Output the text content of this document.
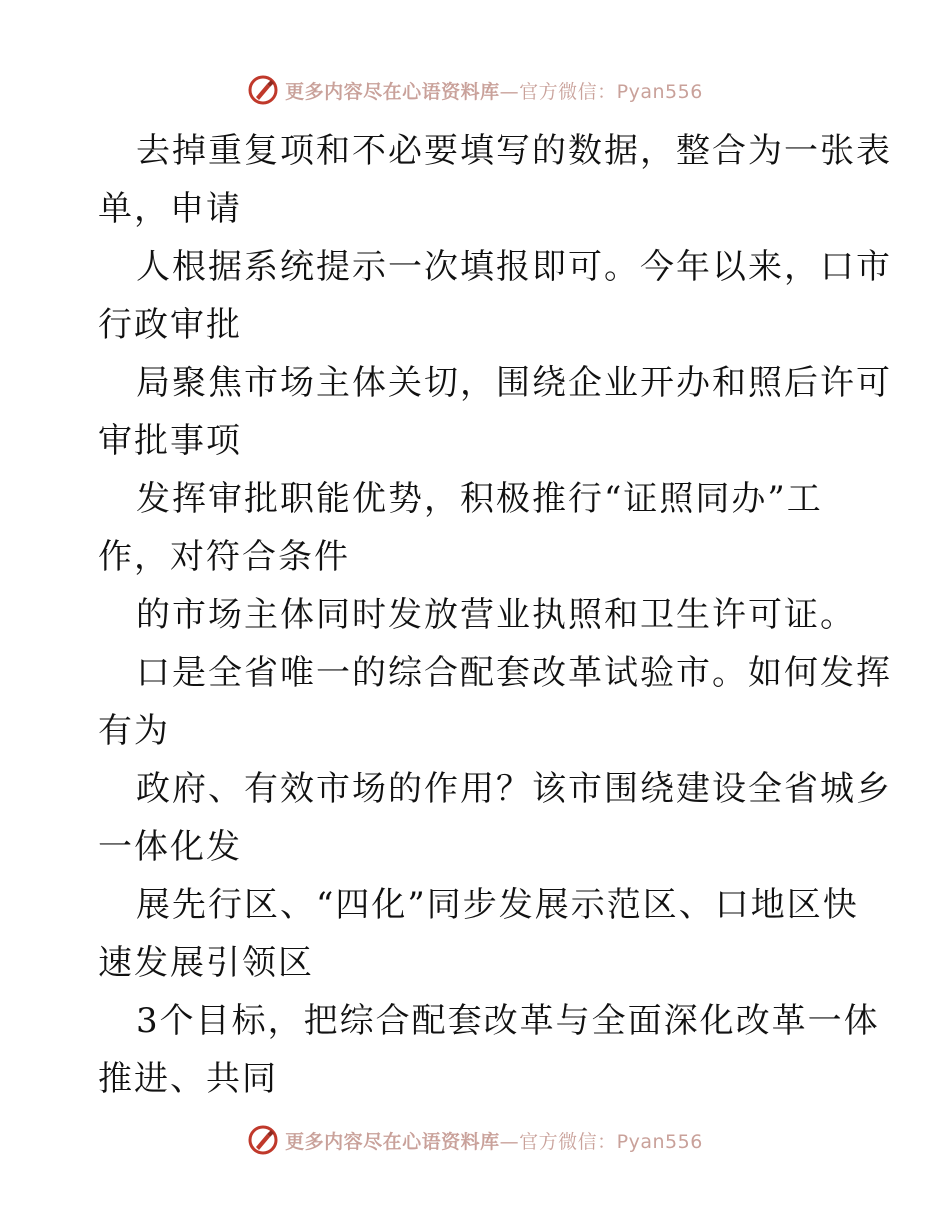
更多内容尽在心语资料库—官方微信：Pyan556
去掉重复项和不必要填写的数据，整合为一张表
单，申请
人根据系统提示一次填报即可。今年以来，口市
行政审批
局聚焦市场主体关切，围绕企业开办和照后许可
审批事项
发挥审批职能优势，积极推行“证照同办”工
作，对符合条件
的市场主体同时发放营业执照和卫生许可证。
口是全省唯一的综合配套改革试验市。如何发挥
有为
政府、有效市场的作用？该市围绕建设全省城乡
一体化发
展先行区、“四化”同步发展示范区、口地区快
速发展引领区
3个目标，把综合配套改革与全面深化改革一体
推进、共同
更多内容尽在心语资料库—官方微信：Pyan556
